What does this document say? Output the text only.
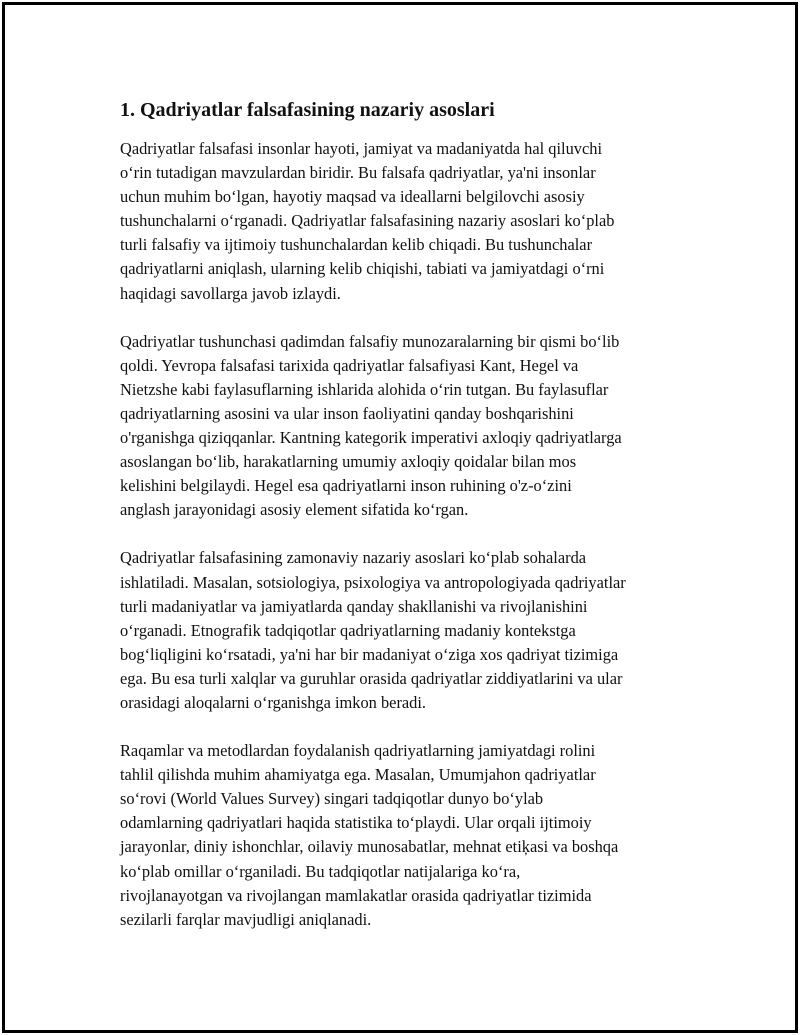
1. Qadriyatlar falsafasining nazariy asoslari

Qadriyatlar falsafasi insonlar hayoti, jamiyat va madaniyatda hal qiluvchi
oʻrin tutadigan mavzulardan biridir. Bu falsafa qadriyatlar, ya'ni insonlar
uchun muhim boʻlgan, hayotiy maqsad va ideallarni belgilovchi asosiy
tushunchalarni oʻrganadi. Qadriyatlar falsafasining nazariy asoslari koʻplab
turli falsafiy va ijtimoiy tushunchalardan kelib chiqadi. Bu tushunchalar
qadriyatlarni aniqlash, ularning kelib chiqishi, tabiati va jamiyatdagi oʻrni
haqidagi savollarga javob izlaydi.

Qadriyatlar tushunchasi qadimdan falsafiy munozaralarning bir qismi boʻlib
qoldi. Yevropa falsafasi tarixida qadriyatlar falsafiyasi Kant, Hegel va
Nietzshe kabi faylasuflarning ishlarida alohida oʻrin tutgan. Bu faylasuflar
qadriyatlarning asosini va ular inson faoliyatini qanday boshqarishini
o'rganishga qiziqqanlar. Kantning kategorik imperativi axloqiy qadriyatlarga
asoslangan boʻlib, harakatlarning umumiy axloqiy qoidalar bilan mos
kelishini belgilaydi. Hegel esa qadriyatlarni inson ruhining o'z-oʻzini
anglash jarayonidagi asosiy element sifatida koʻrgan.

Qadriyatlar falsafasining zamonaviy nazariy asoslari koʻplab sohalarda
ishlatiladi. Masalan, sotsiologiya, psixologiya va antropologiyada qadriyatlar
turli madaniyatlar va jamiyatlarda qanday shakllanishi va rivojlanishini
oʻrganadi. Etnografik tadqiqotlar qadriyatlarning madaniy kontekstga
bogʻliqligini koʻrsatadi, ya'ni har bir madaniyat oʻziga xos qadriyat tizimiga
ega. Bu esa turli xalqlar va guruhlar orasida qadriyatlar ziddiyatlarini va ular
orasidagi aloqalarni oʻrganishga imkon beradi.

Raqamlar va metodlardan foydalanish qadriyatlarning jamiyatdagi rolini
tahlil qilishda muhim ahamiyatga ega. Masalan, Umumjahon qadriyatlar
soʻrovi (World Values Survey) singari tadqiqotlar dunyo boʻylab
odamlarning qadriyatlari haqida statistika toʻplaydi. Ular orqali ijtimoiy
jarayonlar, diniy ishonchlar, oilaviy munosabatlar, mehnat etiķasi va boshqa
koʻplab omillar oʻrganiladi. Bu tadqiqotlar natijalariga koʻra,
rivojlanayotgan va rivojlangan mamlakatlar orasida qadriyatlar tizimida
sezilarli farqlar mavjudligi aniqlanadi.
